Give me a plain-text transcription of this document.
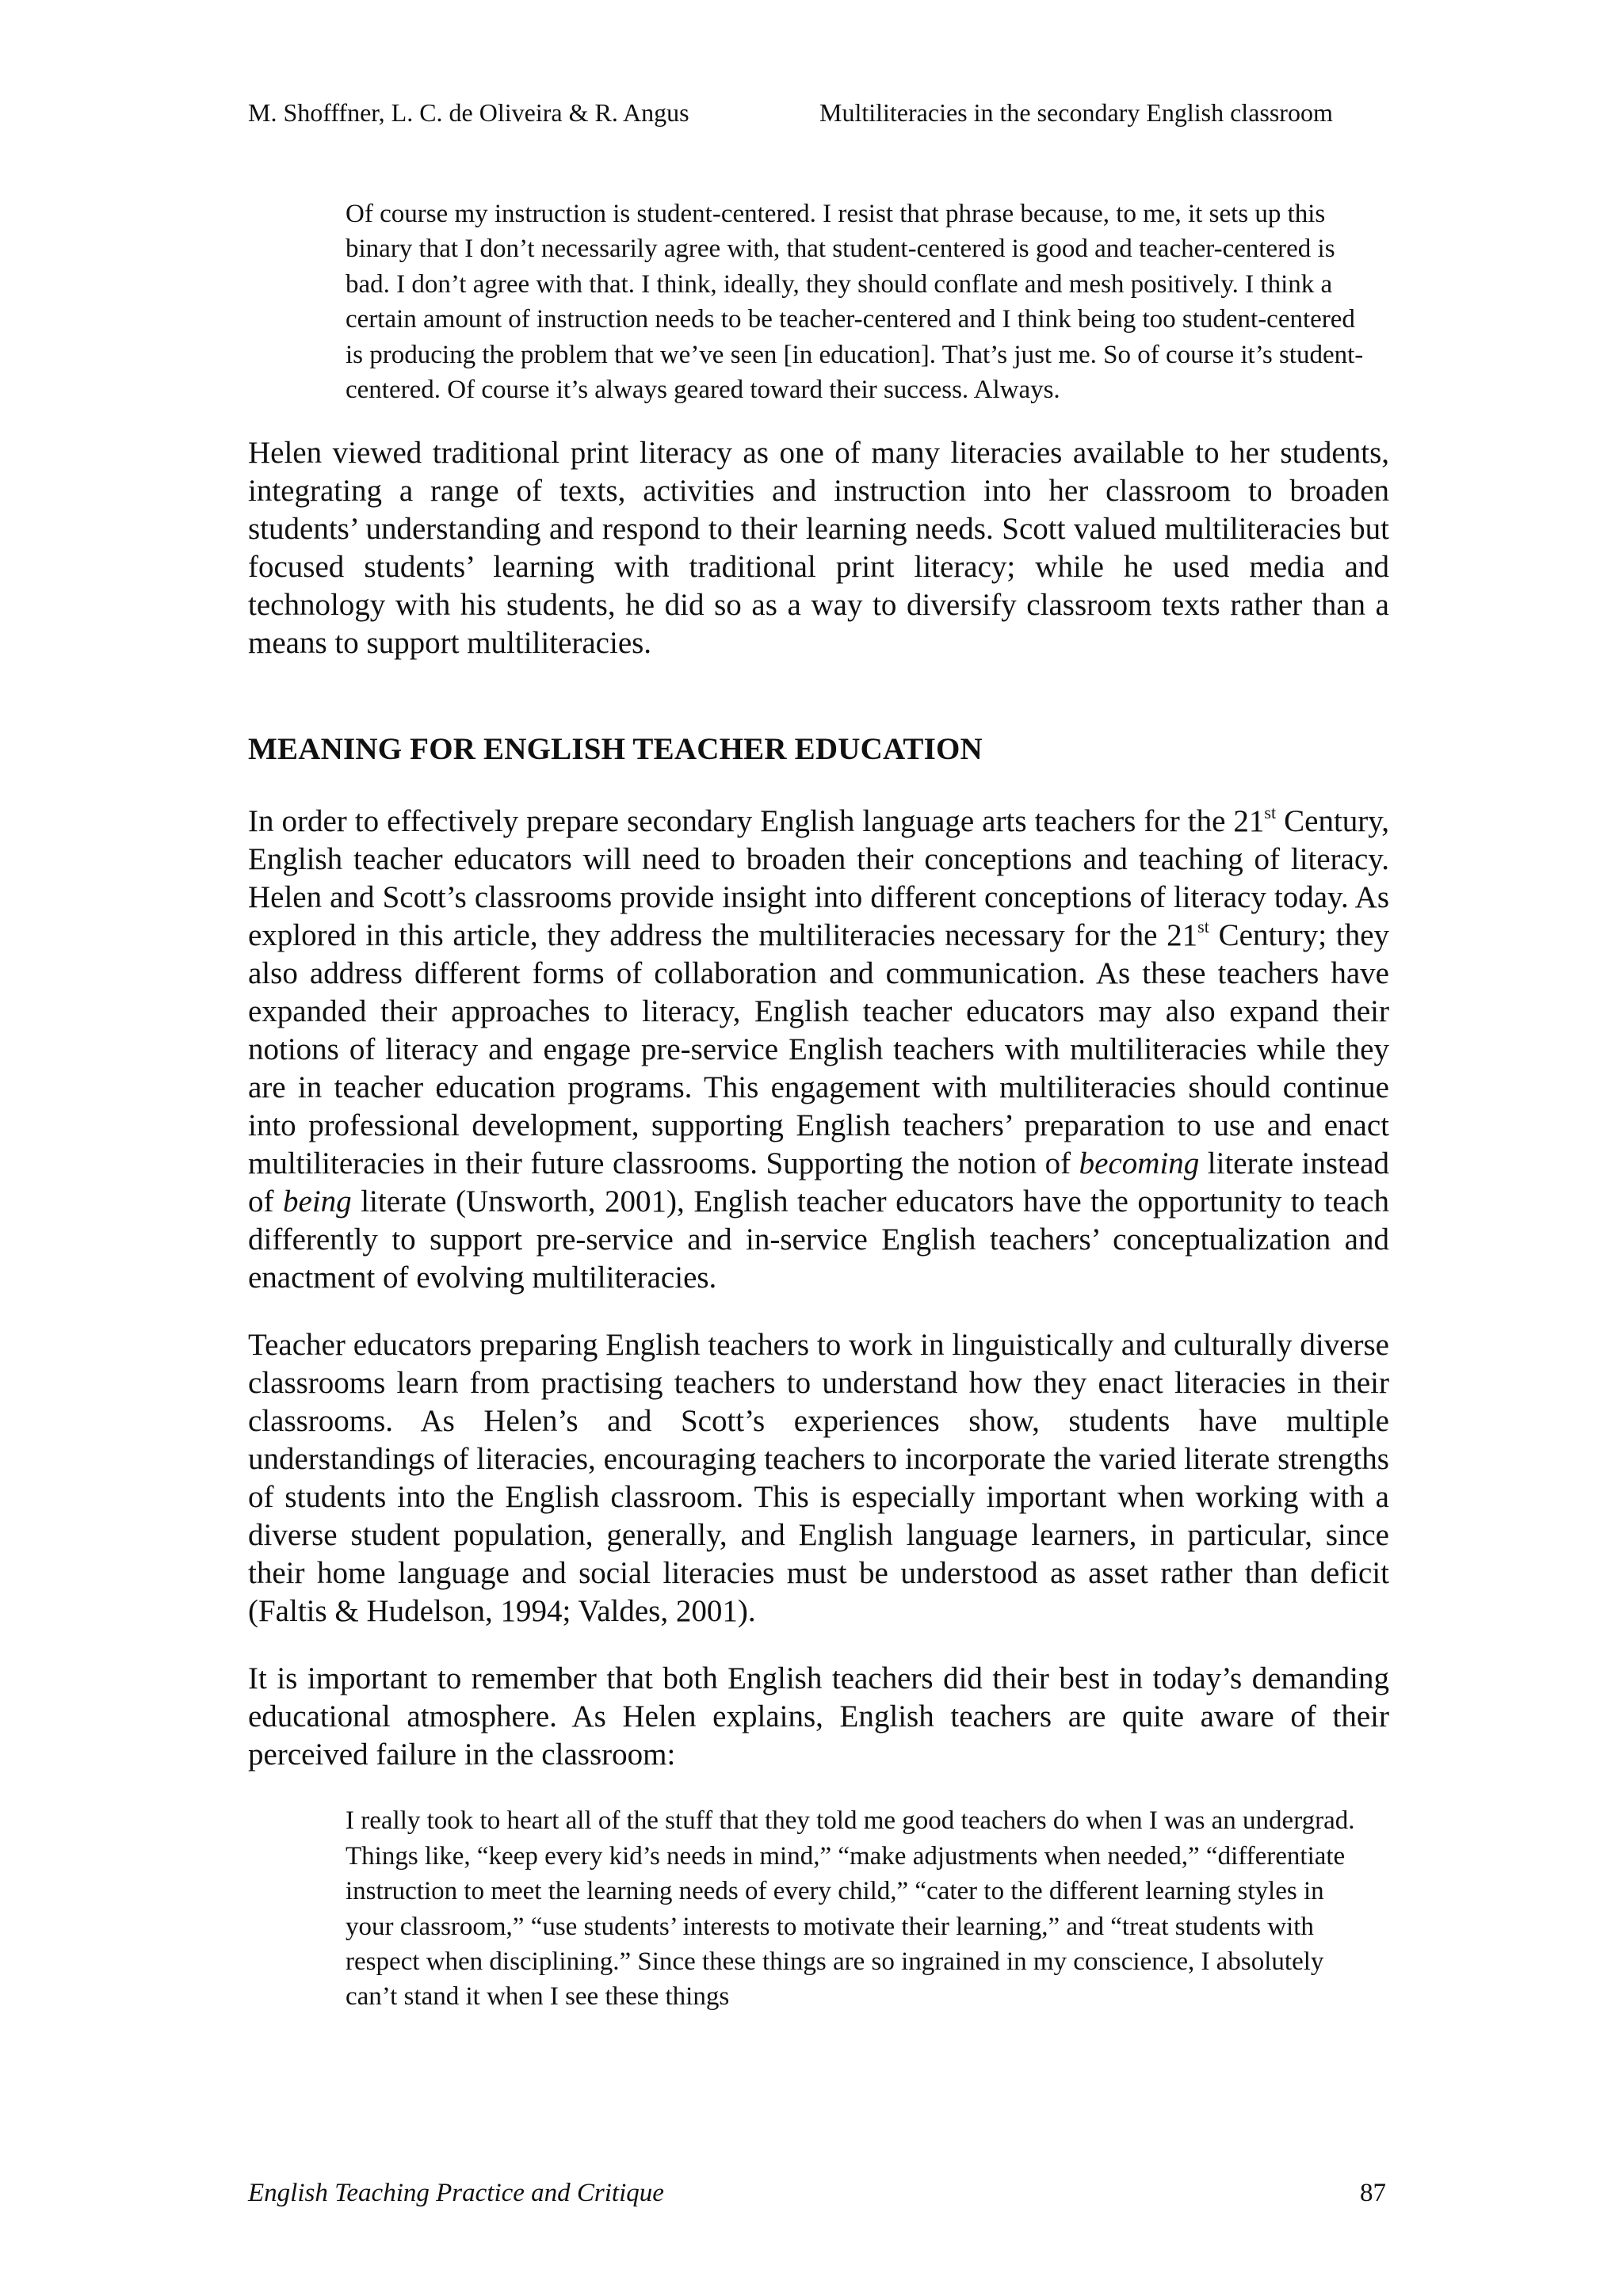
M. Shofffner, L. C. de Oliveira & R. Angus	Multiliteracies in the secondary English classroom

Of course my instruction is student-centered. I resist that phrase because, to me, it sets up this binary that I don’t necessarily agree with, that student-centered is good and teacher-centered is bad. I don’t agree with that. I think, ideally, they should conflate and mesh positively. I think a certain amount of instruction needs to be teacher-centered and I think being too student-centered is producing the problem that we’ve seen [in education]. That’s just me. So of course it’s student-centered. Of course it’s always geared toward their success. Always.

Helen viewed traditional print literacy as one of many literacies available to her students, integrating a range of texts, activities and instruction into her classroom to broaden students’ understanding and respond to their learning needs. Scott valued multiliteracies but focused students’ learning with traditional print literacy; while he used media and technology with his students, he did so as a way to diversify classroom texts rather than a means to support multiliteracies.

MEANING FOR ENGLISH TEACHER EDUCATION

In order to effectively prepare secondary English language arts teachers for the 21st Century, English teacher educators will need to broaden their conceptions and teaching of literacy. Helen and Scott’s classrooms provide insight into different conceptions of literacy today. As explored in this article, they address the multiliteracies necessary for the 21st Century; they also address different forms of collaboration and communication. As these teachers have expanded their approaches to literacy, English teacher educators may also expand their notions of literacy and engage pre-service English teachers with multiliteracies while they are in teacher education programs. This engagement with multiliteracies should continue into professional development, supporting English teachers’ preparation to use and enact multiliteracies in their future classrooms. Supporting the notion of becoming literate instead of being literate (Unsworth, 2001), English teacher educators have the opportunity to teach differently to support pre-service and in-service English teachers’ conceptualization and enactment of evolving multiliteracies.

Teacher educators preparing English teachers to work in linguistically and culturally diverse classrooms learn from practising teachers to understand how they enact literacies in their classrooms. As Helen’s and Scott’s experiences show, students have multiple understandings of literacies, encouraging teachers to incorporate the varied literate strengths of students into the English classroom. This is especially important when working with a diverse student population, generally, and English language learners, in particular, since their home language and social literacies must be understood as asset rather than deficit (Faltis & Hudelson, 1994; Valdes, 2001).

It is important to remember that both English teachers did their best in today’s demanding educational atmosphere. As Helen explains, English teachers are quite aware of their perceived failure in the classroom:

I really took to heart all of the stuff that they told me good teachers do when I was an undergrad. Things like, “keep every kid’s needs in mind,” “make adjustments when needed,” “differentiate instruction to meet the learning needs of every child,” “cater to the different learning styles in your classroom,” “use students’ interests to motivate their learning,” and “treat students with respect when disciplining.” Since these things are so ingrained in my conscience, I absolutely can’t stand it when I see these things

English Teaching Practice and Critique	87
